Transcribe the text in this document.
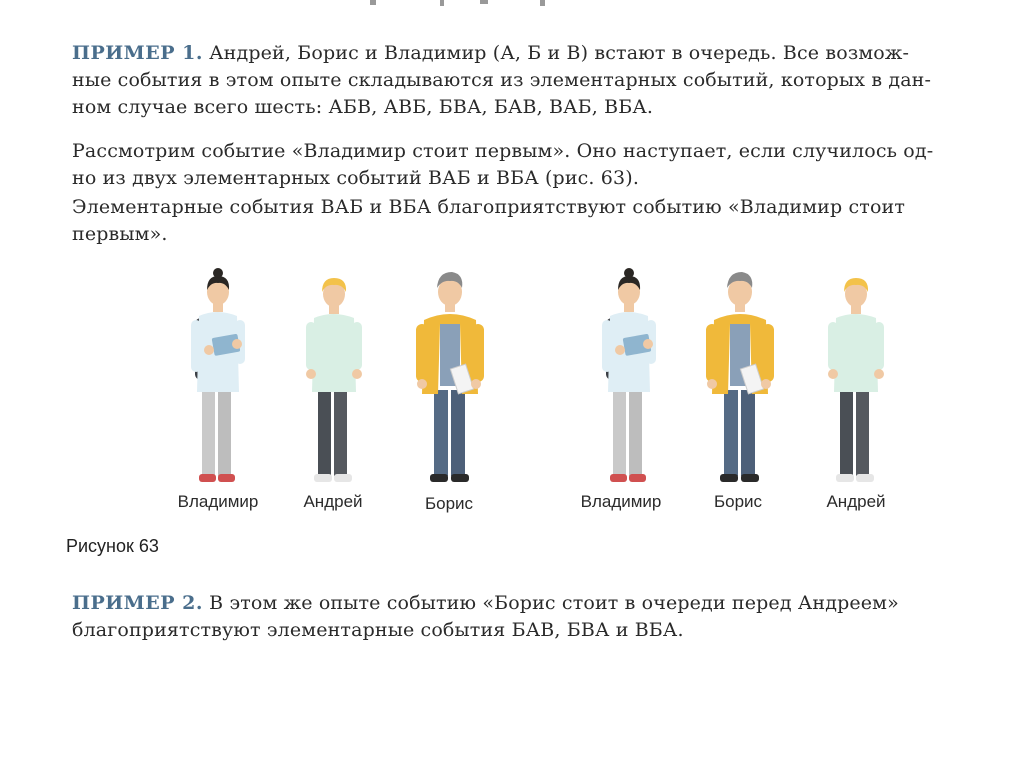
ПРИМЕР 1. Андрей, Борис и Владимир (А, Б и В) встают в очередь. Все возмож-
ные события в этом опыте складываются из элементарных событий, которых в дан-
ном случае всего шесть: АБВ, АВБ, БВА, БАВ, ВАБ, ВБА.
Рассмотрим событие «Владимир стоит первым». Оно наступает, если случилось од-
но из двух элементарных событий ВАБ и ВБА (рис. 63).
Элементарные события ВАБ и ВБА благоприятствуют событию «Владимир стоит
первым».
Владимир	Андрей	Борис	Владимир	Борис	Андрей
Рисунок 63
ПРИМЕР 2. В этом же опыте событию «Борис стоит в очереди перед Андреем»
благоприятствуют элементарные события БАВ, БВА и ВБА.
